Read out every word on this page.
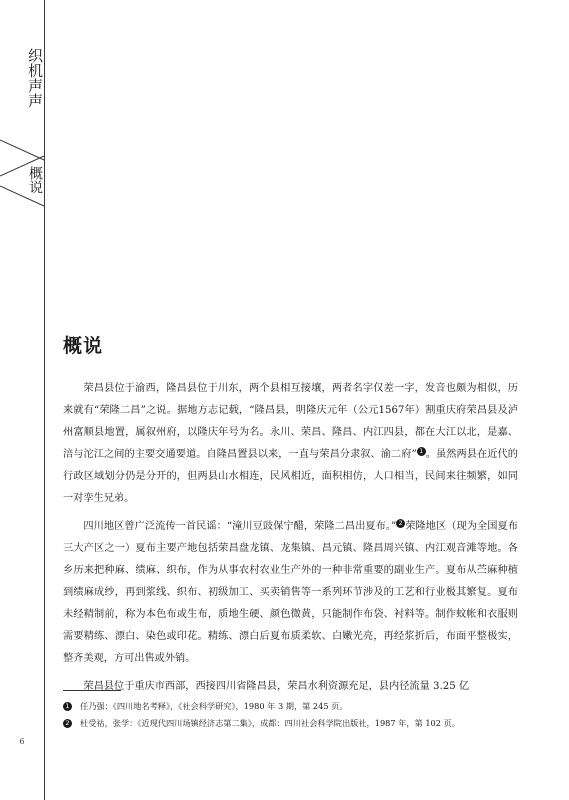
织机声声
概说
6
概说

荣昌县位于渝西，隆昌县位于川东，两个县相互接壤，两者名字仅差一字，发音也颇为相似，历来就有“荣隆二昌”之说。据地方志记载，“隆昌县，明隆庆元年（公元1567年）割重庆府荣昌县及泸州富顺县地置，属叙州府，以隆庆年号为名。永川、荣昌、隆昌、内江四县，都在大江以北，是嘉、涪与沱江之间的主要交通要道。自隆昌置县以来，一直与荣昌分隶叙、渝二府” 1 。虽然两县在近代的行政区域划分仍是分开的，但两县山水相连，民风相近，面积相仿，人口相当，民间来往频繁，如同一对孪生兄弟。

四川地区曾广泛流传一首民谣：“潼川豆豉保宁醋，荣隆二昌出夏布。” 2 荣隆地区（现为全国夏布三大产区之一）夏布主要产地包括荣昌盘龙镇、龙集镇、昌元镇、隆昌周兴镇、内江观音滩等地。各乡历来把种麻、绩麻、织布，作为从事农村农业生产外的一种非常重要的副业生产。夏布从苎麻种植到绩麻成纱，再到浆线、织布、初级加工、买卖销售等一系列环节涉及的工艺和行业极其繁复。夏布未经精制前，称为本色布或生布，质地生硬、颜色微黄，只能制作布袋、衬料等。制作蚊帐和衣服则需要精练、漂白、染色或印花。精练、漂白后夏布质柔软、白嫩光亮，再经浆折后，布面平整极实，整齐美观，方可出售或外销。

荣昌县位于重庆市西部，西接四川省隆昌县，荣昌水利资源充足，县内径流量 3.25 亿

1 任乃强：《四川地名考释》，《社会科学研究》，1980 年 3 期，第 245 页。
2 杜受祜，张学：《近现代四川场镇经济志第二集》，成都：四川社会科学院出版社，1987 年，第 102 页。
